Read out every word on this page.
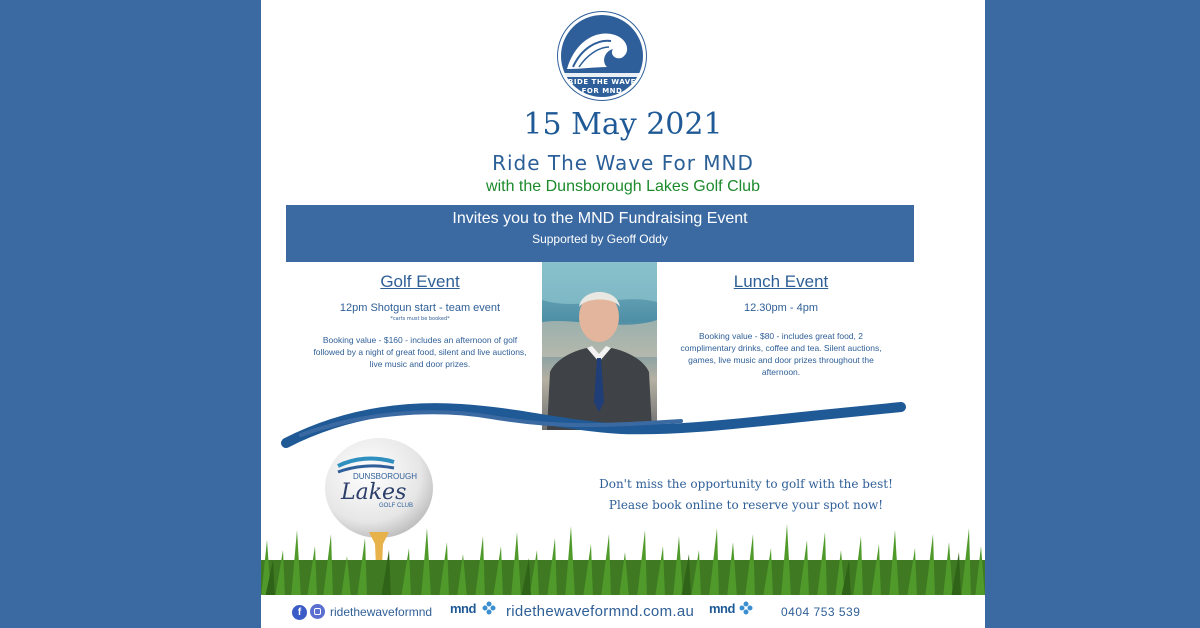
RIDE THE WAVE
FOR MND
15 May 2021
Ride The Wave For MND
with the Dunsborough Lakes Golf Club
Invites you to the MND Fundraising Event
Supported by Geoff Oddy
Golf Event
12pm Shotgun start - team event
*carts must be booked*
Booking value - $160 - includes an afternoon of golf followed by a night of great food, silent and live auctions, live music and door prizes.
Lunch Event
12.30pm - 4pm
Booking value - $80 - includes great food, 2 complimentary drinks, coffee and tea. Silent auctions, games, live music and door prizes throughout the afternoon.
DUNSBOROUGH
Lakes
GOLF CLUB
Don't miss the opportunity to golf with the best!
Please book online to reserve your spot now!
f	ridethewaveformnd mnd ridethewaveformnd.com.au mnd	0404 753 539
